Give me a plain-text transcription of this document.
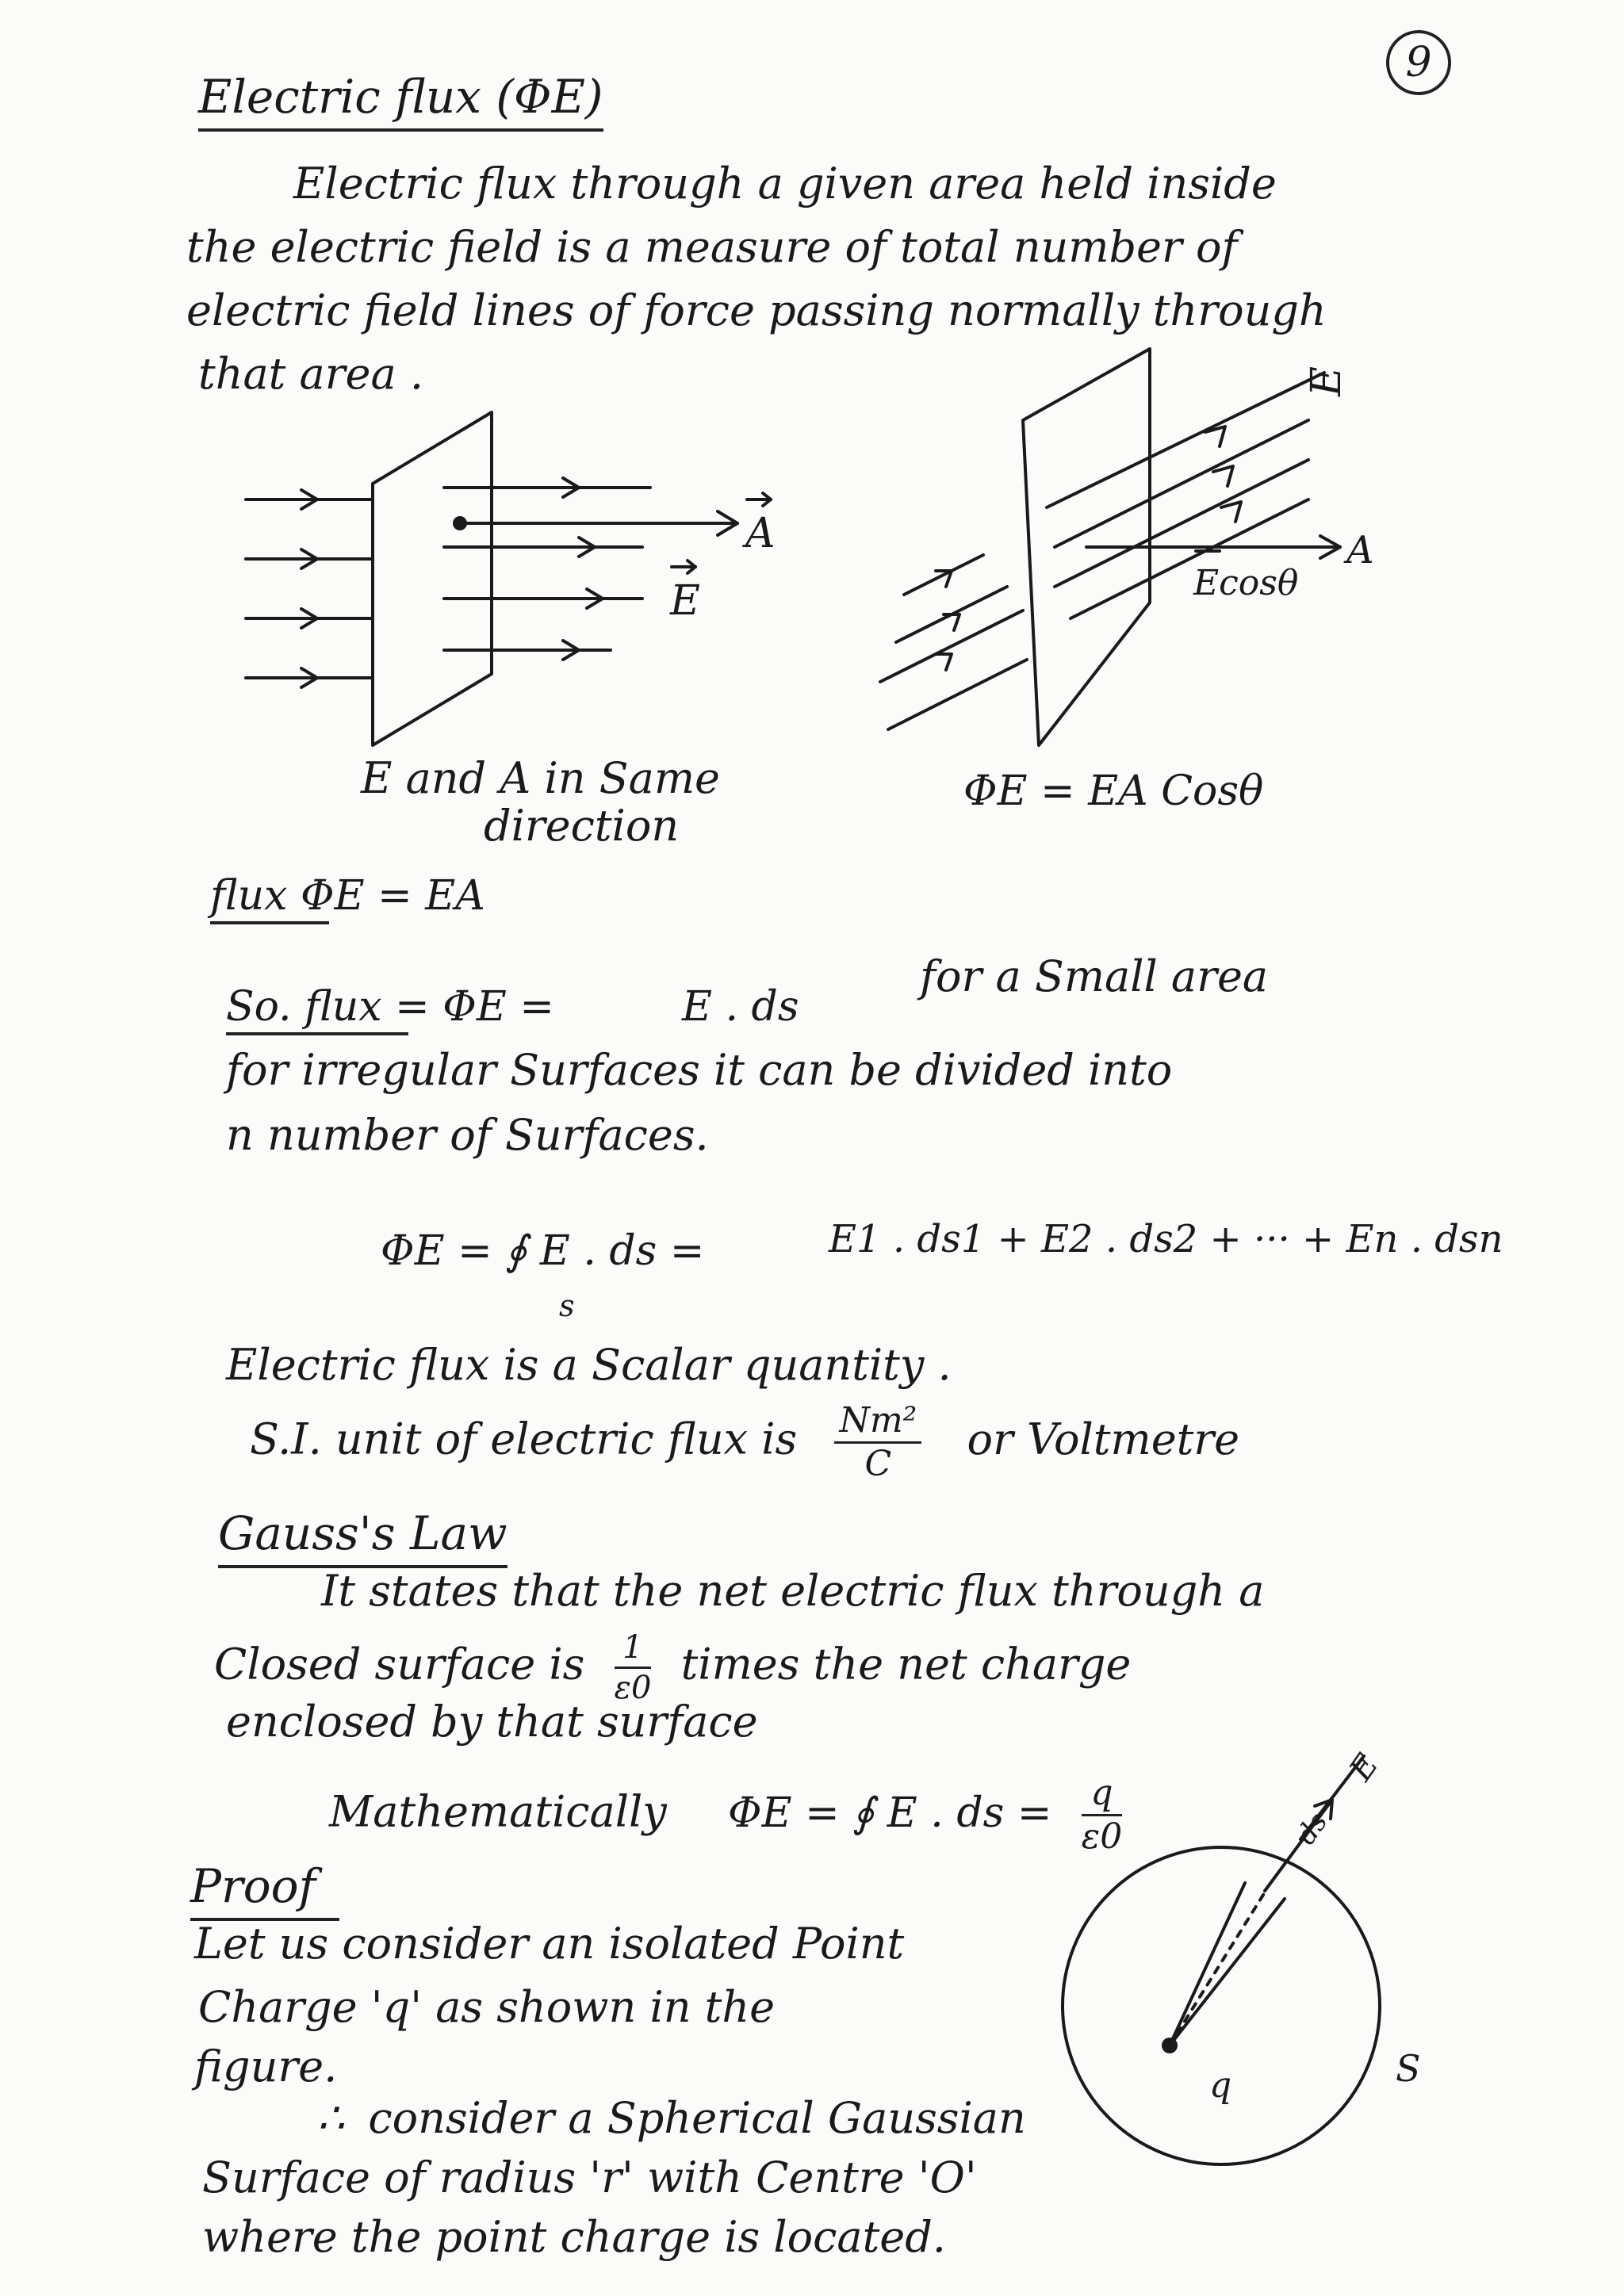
9
Electric flux (ΦE)
Electric flux through a given area held inside
the electric field is a measure of total number of
electric field lines of force passing normally through
that area .
A
E
E and A in Same
direction
E
A
Ecosθ
ΦE = EA Cosθ
flux ΦE = EA
So. flux = ΦE =	E . ds
for a Small area
for irregular Surfaces it can be divided into
n number of Surfaces.
ΦE = ∮ E . ds =
s
E1 . ds1 + E2 . ds2 + ··· + En . dsn
Electric flux is a Scalar quantity .
S.I. unit of electric flux is $\frac{\text{Nm²}}{C}$ or Voltmetre
Gauss's Law
It states that the net electric flux through a
Closed surface is $\frac{1}{\varepsilon 0}$ times the net charge
enclosed by that surface
Mathematically ΦE = ∮ E . ds = $\frac{q}{\varepsilon 0}$
Proof
Let us consider an isolated Point
Charge 'q' as shown in the
figure.
∴ consider a Spherical Gaussian
Surface of radius 'r' with Centre 'O'
where the point charge is located.
q	S
ds
E
